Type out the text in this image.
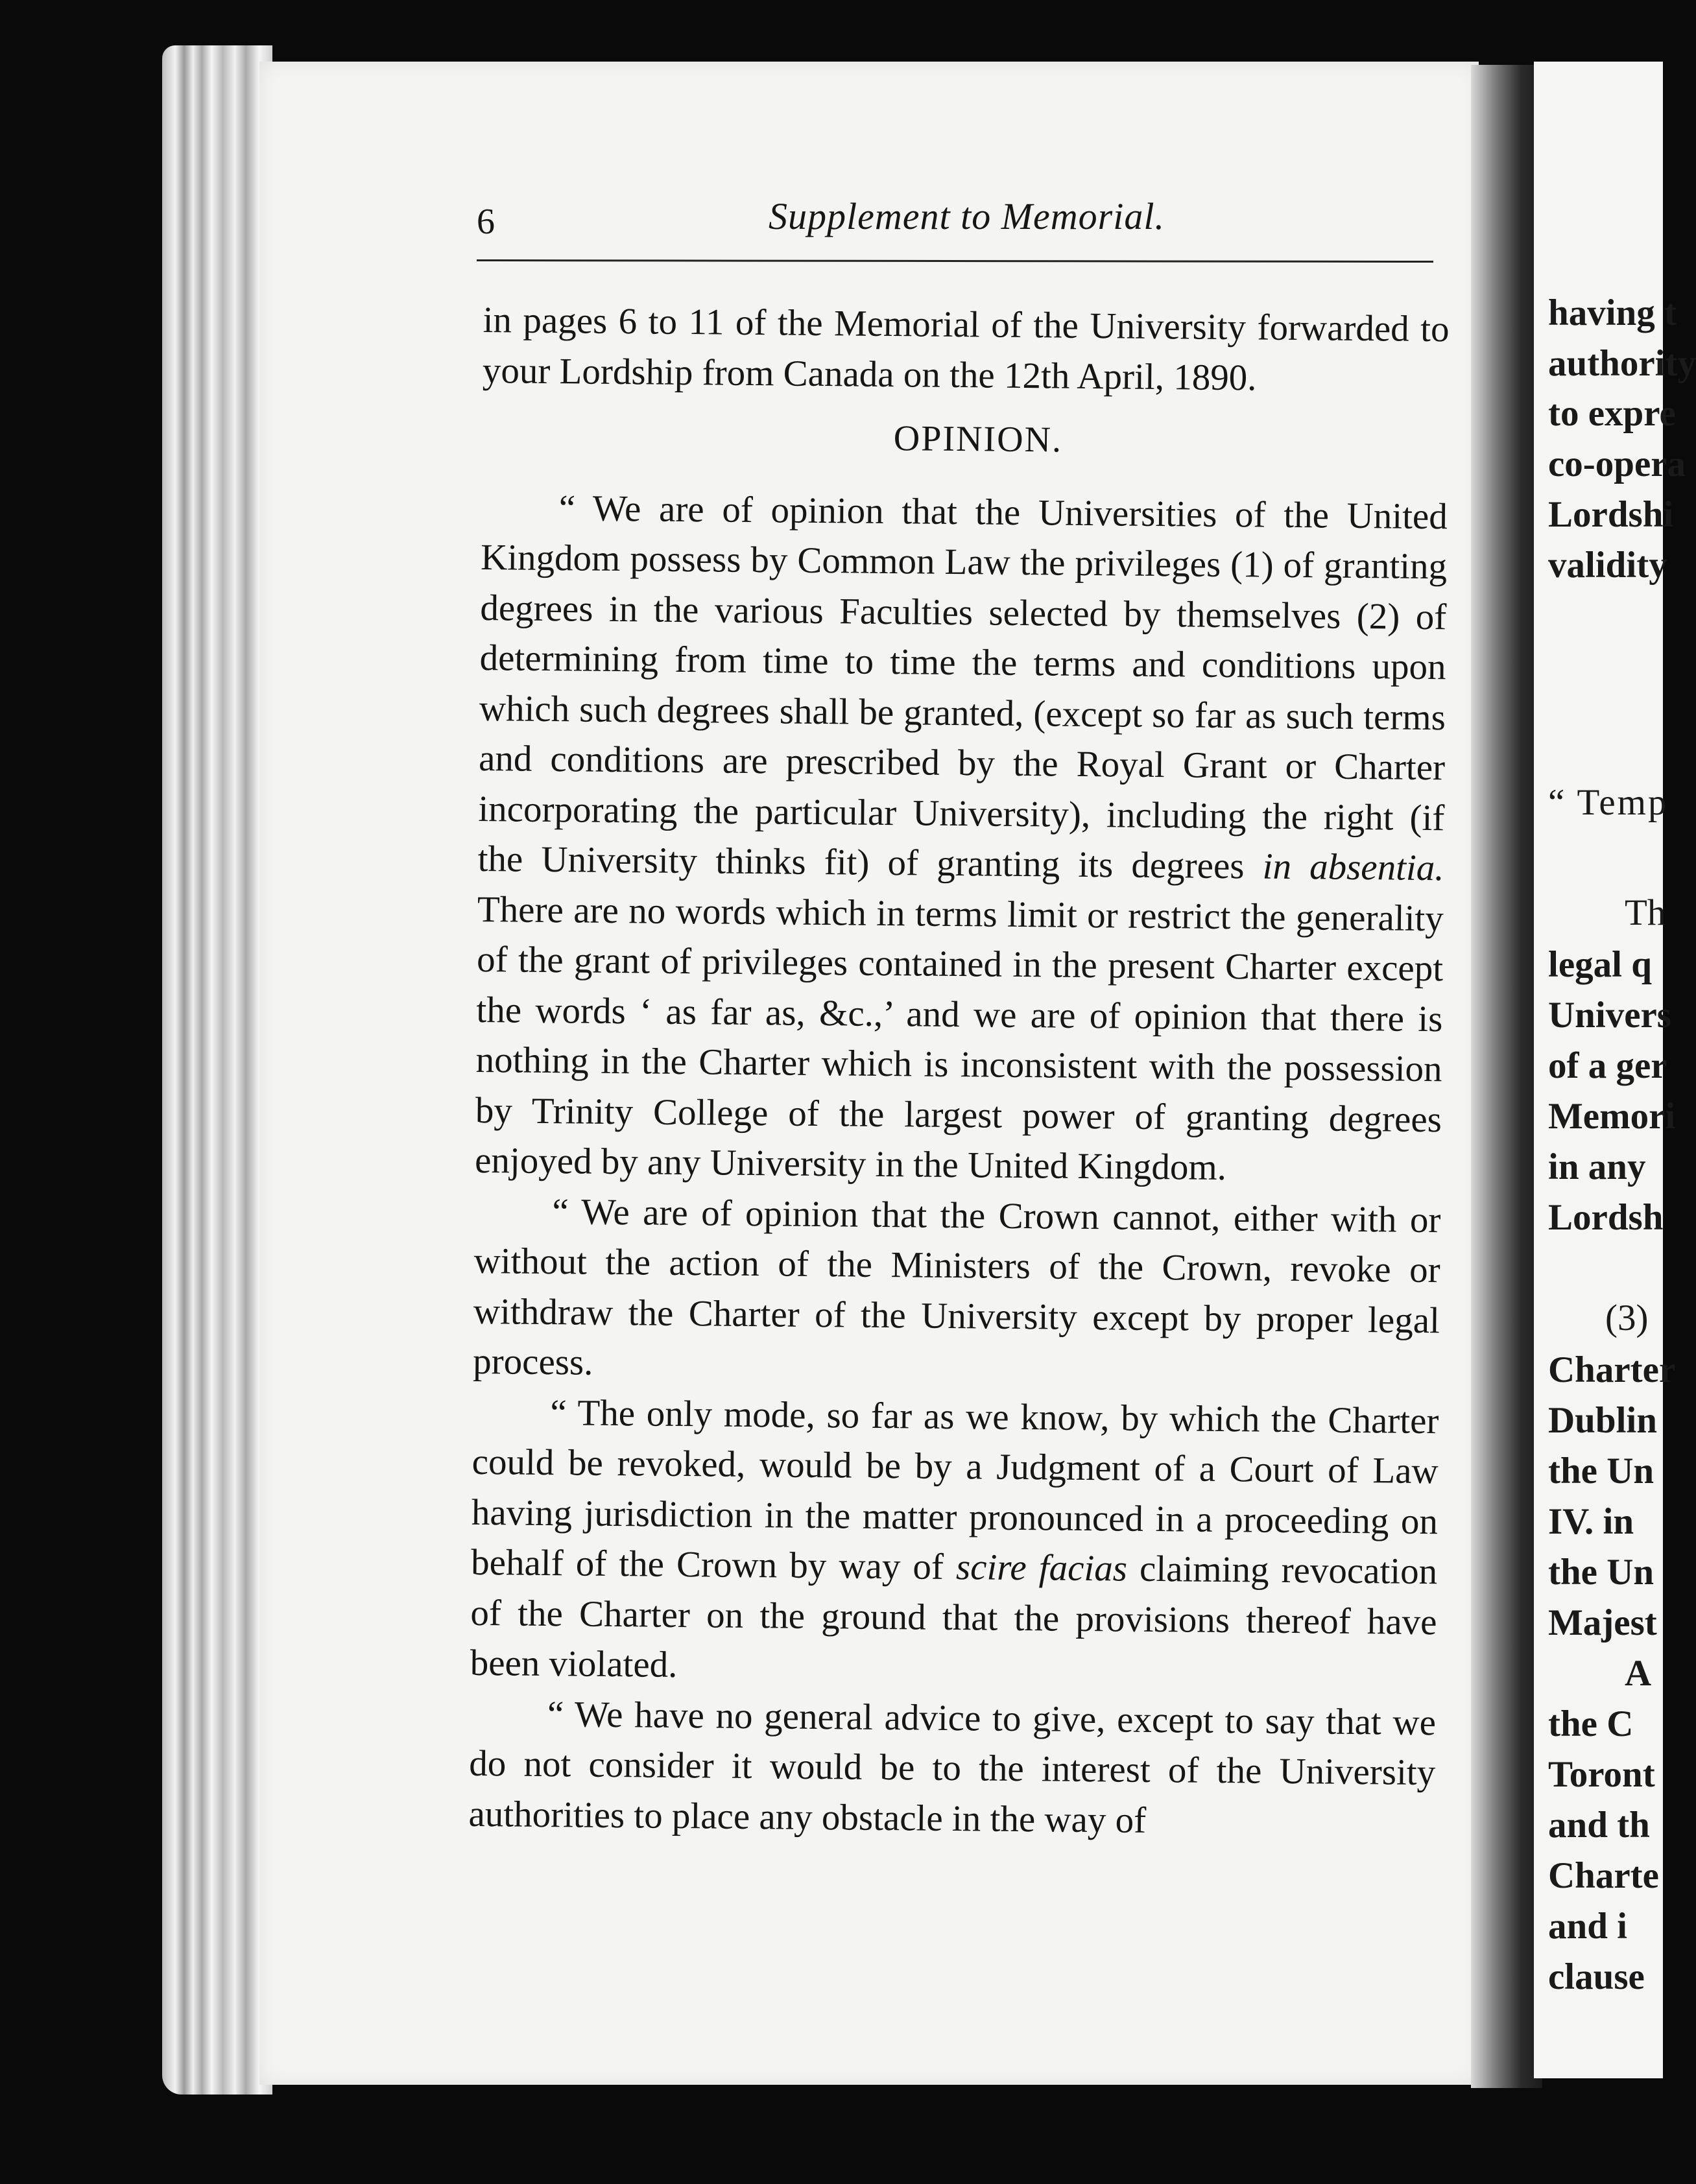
6	Supplement to Memorial.

in pages 6 to 11 of the Memorial of the University forwarded to your Lordship from Canada on the 12th April, 1890.

OPINION.

“ We are of opinion that the Universities of the United Kingdom possess by Common Law the privileges (1) of granting degrees in the various Faculties selected by themselves (2) of determining from time to time the terms and conditions upon which such degrees shall be granted, (except so far as such terms and conditions are prescribed by the Royal Grant or Charter incorporating the particular University), including the right (if the University thinks fit) of granting its degrees in absentia. There are no words which in terms limit or restrict the generality of the grant of privileges contained in the present Charter except the words ‘ as far as, &c.,’ and we are of opinion that there is nothing in the Charter which is inconsistent with the possession by Trinity College of the largest power of granting degrees enjoyed by any University in the United Kingdom.

“ We are of opinion that the Crown cannot, either with or without the action of the Ministers of the Crown, revoke or withdraw the Charter of the University except by proper legal process.

“ The only mode, so far as we know, by which the Charter could be revoked, would be by a Judgment of a Court of Law having jurisdiction in the matter pronounced in a proceeding on behalf of the Crown by way of scire facias claiming revocation of the Charter on the ground that the provisions thereof have been violated.

“ We have no general advice to give, except to say that we do not consider it would be to the interest of the University authorities to place any obstacle in the way of

having t
authority
to expre
co-opera
Lordshi
validity
“ Temp
Th
legal q
Univers
of a ger
Memori
in any
Lordsh
(3)
Charter
Dublin
the Un
IV. in
the Un
Majest
A
the C
Toront
and th
Charte
and i
clause
